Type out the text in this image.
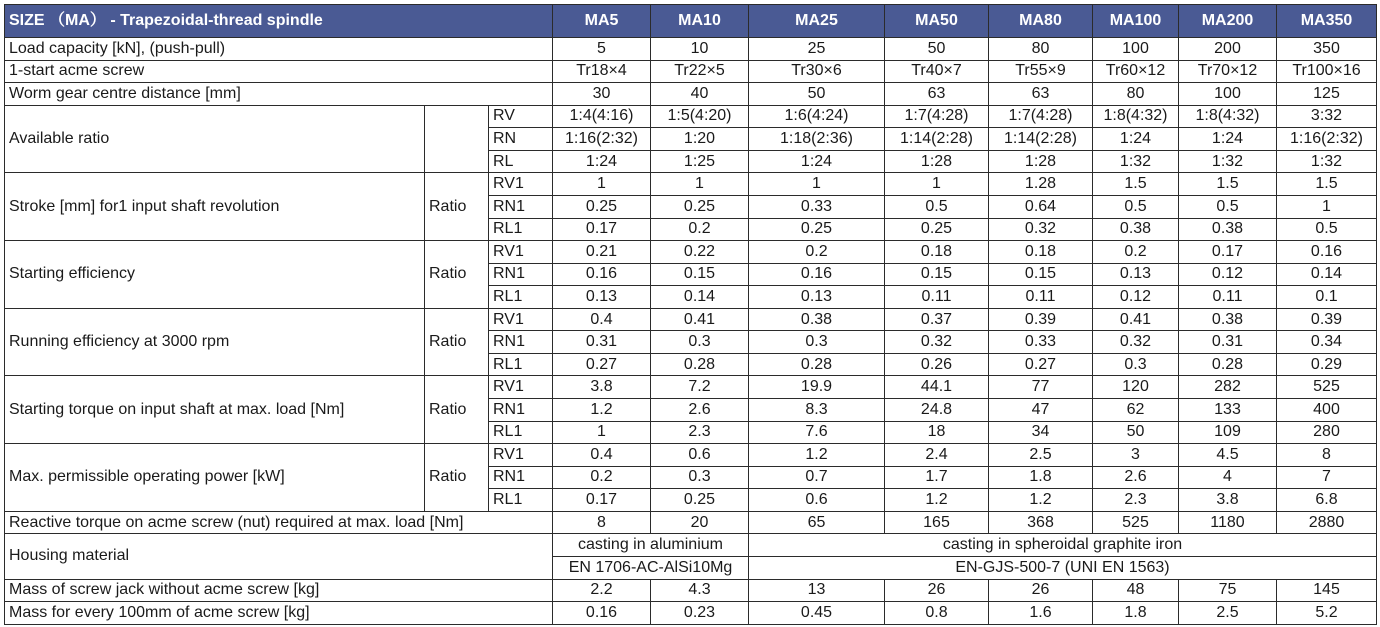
SIZE （MA） - Trapezoidal-thread spindle			MA5	MA10	MA25	MA50	MA80	MA100	MA200	MA350
Load capacity [kN], (push-pull)			5	10	25	50	80	100	200	350
1-start acme screw			Tr18×4	Tr22×5	Tr30×6	Tr40×7	Tr55×9	Tr60×12	Tr70×12	Tr100×16
Worm gear centre distance [mm]			30	40	50	63	63	80	100	125
Available ratio		RV	1:4(4:16)	1:5(4:20)	1:6(4:24)	1:7(4:28)	1:7(4:28)	1:8(4:32)	1:8(4:32)	3:32
		RN	1:16(2:32)	1:20	1:18(2:36)	1:14(2:28)	1:14(2:28)	1:24	1:24	1:16(2:32)
		RL	1:24	1:25	1:24	1:28	1:28	1:32	1:32	1:32
Stroke [mm] for1 input shaft revolution	Ratio	RV1	1	1	1	1	1.28	1.5	1.5	1.5
		RN1	0.25	0.25	0.33	0.5	0.64	0.5	0.5	1
		RL1	0.17	0.2	0.25	0.25	0.32	0.38	0.38	0.5
Starting efficiency	Ratio	RV1	0.21	0.22	0.2	0.18	0.18	0.2	0.17	0.16
		RN1	0.16	0.15	0.16	0.15	0.15	0.13	0.12	0.14
		RL1	0.13	0.14	0.13	0.11	0.11	0.12	0.11	0.1
Running efficiency at 3000 rpm	Ratio	RV1	0.4	0.41	0.38	0.37	0.39	0.41	0.38	0.39
		RN1	0.31	0.3	0.3	0.32	0.33	0.32	0.31	0.34
		RL1	0.27	0.28	0.28	0.26	0.27	0.3	0.28	0.29
Starting torque on input shaft at max. load [Nm]	Ratio	RV1	3.8	7.2	19.9	44.1	77	120	282	525
		RN1	1.2	2.6	8.3	24.8	47	62	133	400
		RL1	1	2.3	7.6	18	34	50	109	280
Max. permissible operating power [kW]	Ratio	RV1	0.4	0.6	1.2	2.4	2.5	3	4.5	8
		RN1	0.2	0.3	0.7	1.7	1.8	2.6	4	7
		RL1	0.17	0.25	0.6	1.2	1.2	2.3	3.8	6.8
Reactive torque on acme screw (nut) required at max. load [Nm]			8	20	65	165	368	525	1180	2880
Housing material			casting in aluminium		casting in spheroidal graphite iron					
			EN 1706-AC-AlSi10Mg		EN-GJS-500-7 (UNI EN 1563)					
Mass of screw jack without acme screw [kg]			2.2	4.3	13	26	26	48	75	145
Mass for every 100mm of acme screw [kg]			0.16	0.23	0.45	0.8	1.6	1.8	2.5	5.2
